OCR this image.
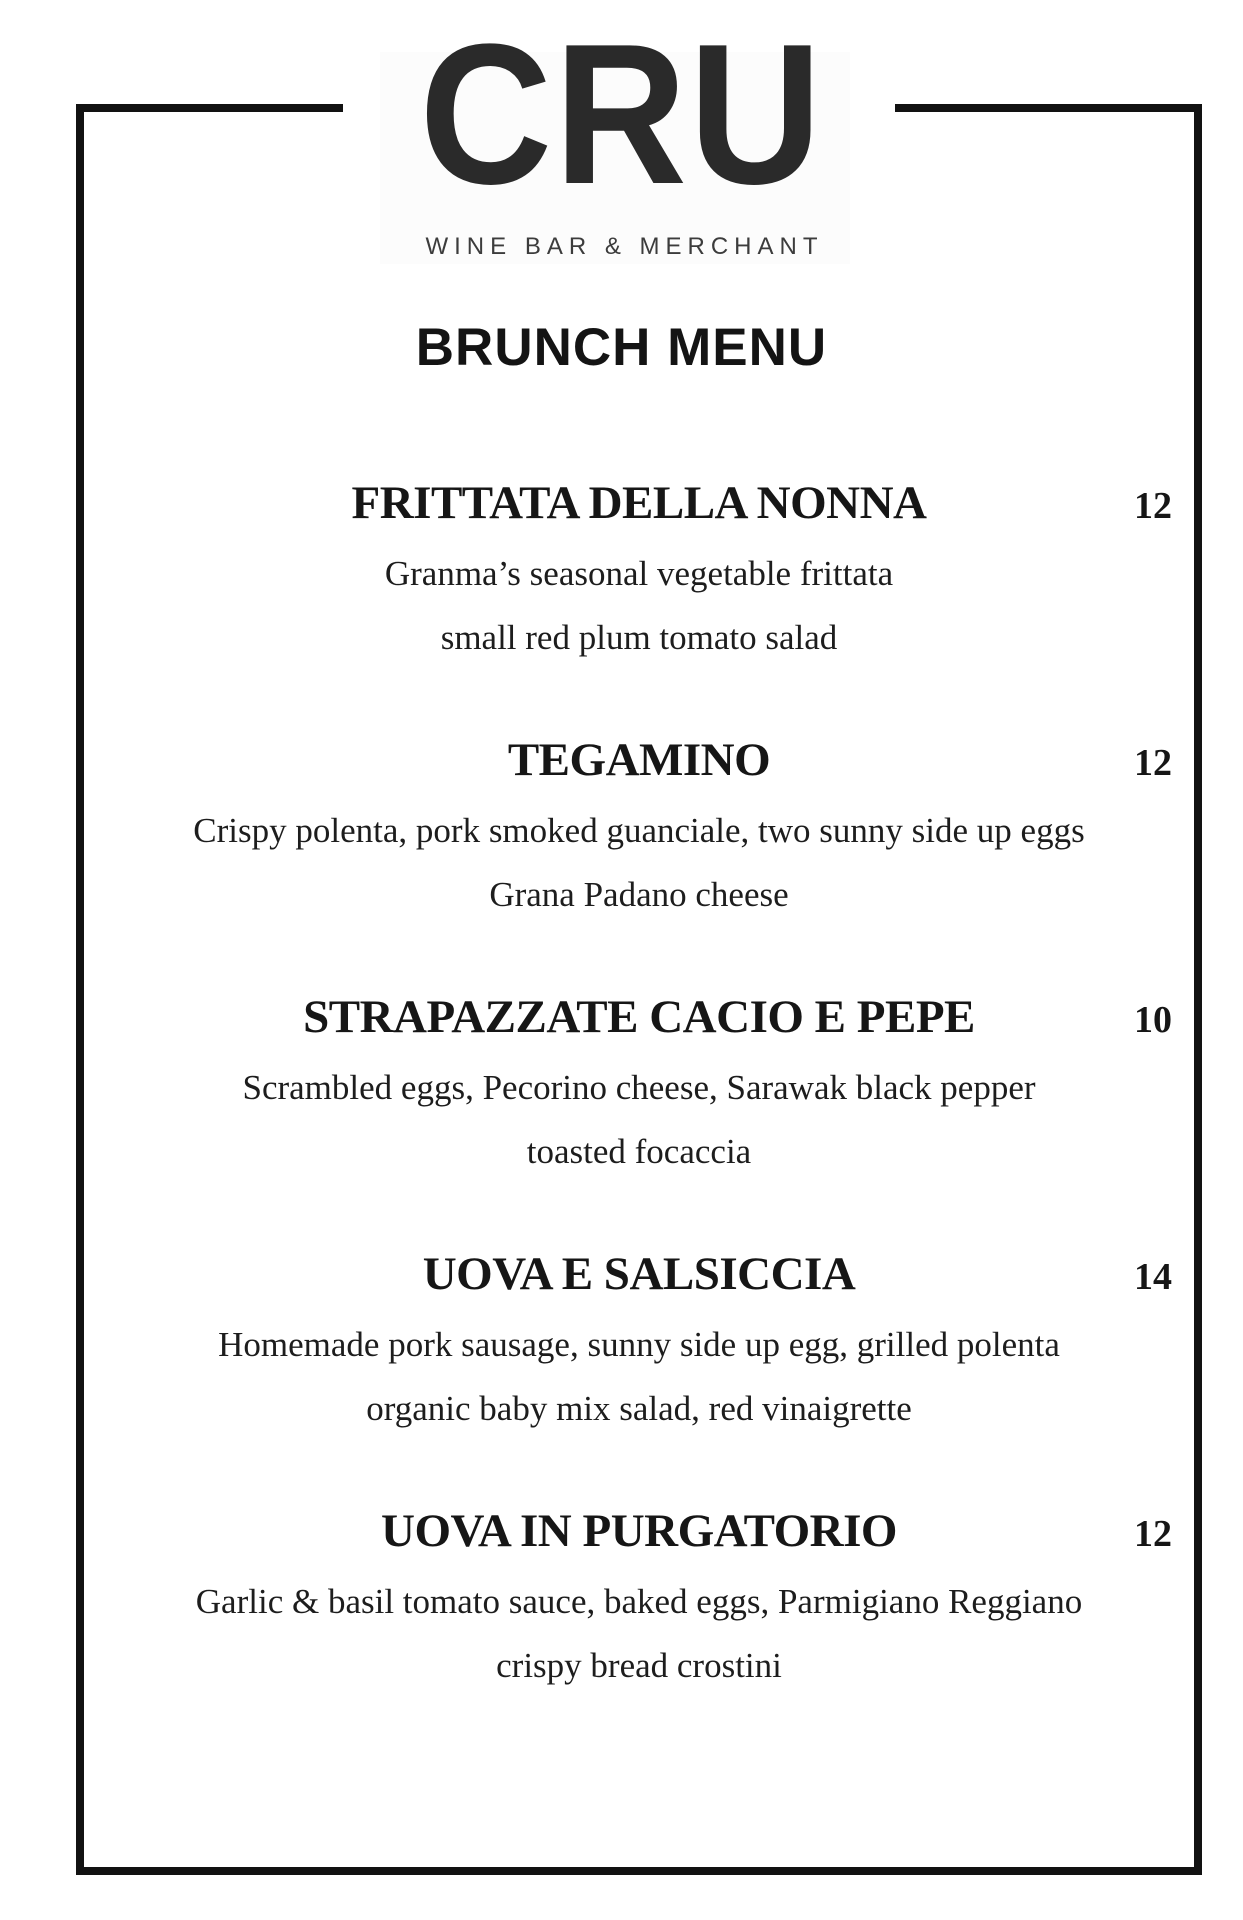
CRU
WINE BAR & MERCHANT
BRUNCH MENU
FRITTATA DELLA NONNA	12
Granma’s seasonal vegetable frittata
small red plum tomato salad
TEGAMINO	12
Crispy polenta, pork smoked guanciale, two sunny side up eggs
Grana Padano cheese
STRAPAZZATE CACIO E PEPE	10
Scrambled eggs, Pecorino cheese, Sarawak black pepper
toasted focaccia
UOVA E SALSICCIA	14
Homemade pork sausage, sunny side up egg, grilled polenta
organic baby mix salad, red vinaigrette
UOVA IN PURGATORIO	12
Garlic & basil tomato sauce, baked eggs, Parmigiano Reggiano
crispy bread crostini
